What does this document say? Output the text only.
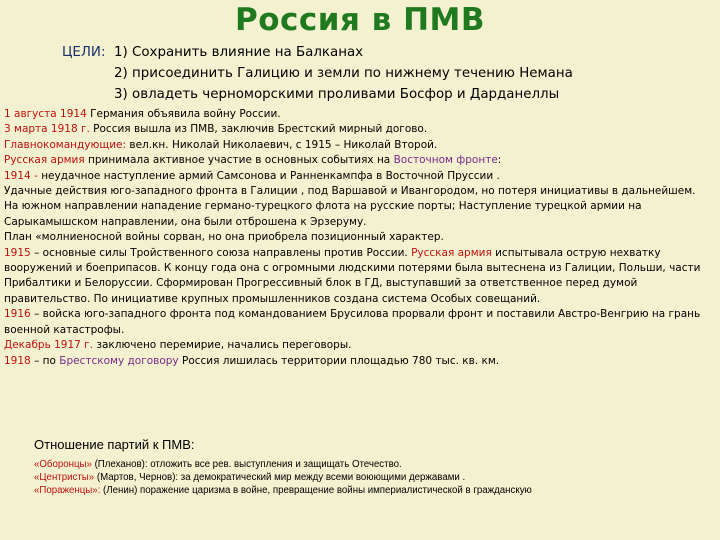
Россия в ПМВ
ЦЕЛИ: 1) Сохранить влияние на Балканах
2) присоединить Галицию и земли по нижнему течению Немана
3) овладеть черноморскими проливами Босфор и Дарданеллы
1 августа 1914 Германия объявила войну России.
3 марта 1918 г. Россия вышла из ПМВ, заключив Брестский мирный догово.
Главнокомандующие: вел.кн. Николай Николаевич, с 1915 – Николай Второй.
Русская армия принимала активное участие в основных событиях на Восточном фронте:
1914 - неудачное наступление армий Самсонова и Ранненкампфа в Восточной Пруссии .
Удачные действия юго-западного фронта в Галиции , под Варшавой и Ивангородом, но потеря инициативы в дальнейшем.
На южном направлении нападение германо-турецкого флота на русские порты; Наступление турецкой армии на Сарыкамышском направлении, она были отброшена к Эрзеруму.
План «молниеносной войны сорван, но она приобрела позиционный характер.
1915 – основные силы Тройственного союза направлены против России. Русская армия испытывала острую нехватку вооружений и боеприпасов. К концу года она с огромными людскими потерями была вытеснена из Галиции, Польши, части Прибалтики и Белоруссии. Сформирован Прогрессивный блок в ГД, выступавший за ответственное перед думой правительство. По инициативе крупных промышленников создана система Особых совещаний.
1916 – войска юго-западного фронта под командованием Брусилова прорвали фронт и поставили Австро-Венгрию на грань военной катастрофы.
Декабрь 1917 г. заключено перемирие, начались переговоры.
1918 – по Брестскому договору Россия лишилась территории площадью 780 тыс. кв. км.
Отношение партий к ПМВ:
«Оборонцы» (Плеханов): отложить все рев. выступления и защищать Отечество.
«Центристы» (Мартов, Чернов): за демократический мир между всеми воюющими державами .
«Пораженцы»: (Ленин) поражение царизма в войне, превращение войны империалистической в гражданскую
